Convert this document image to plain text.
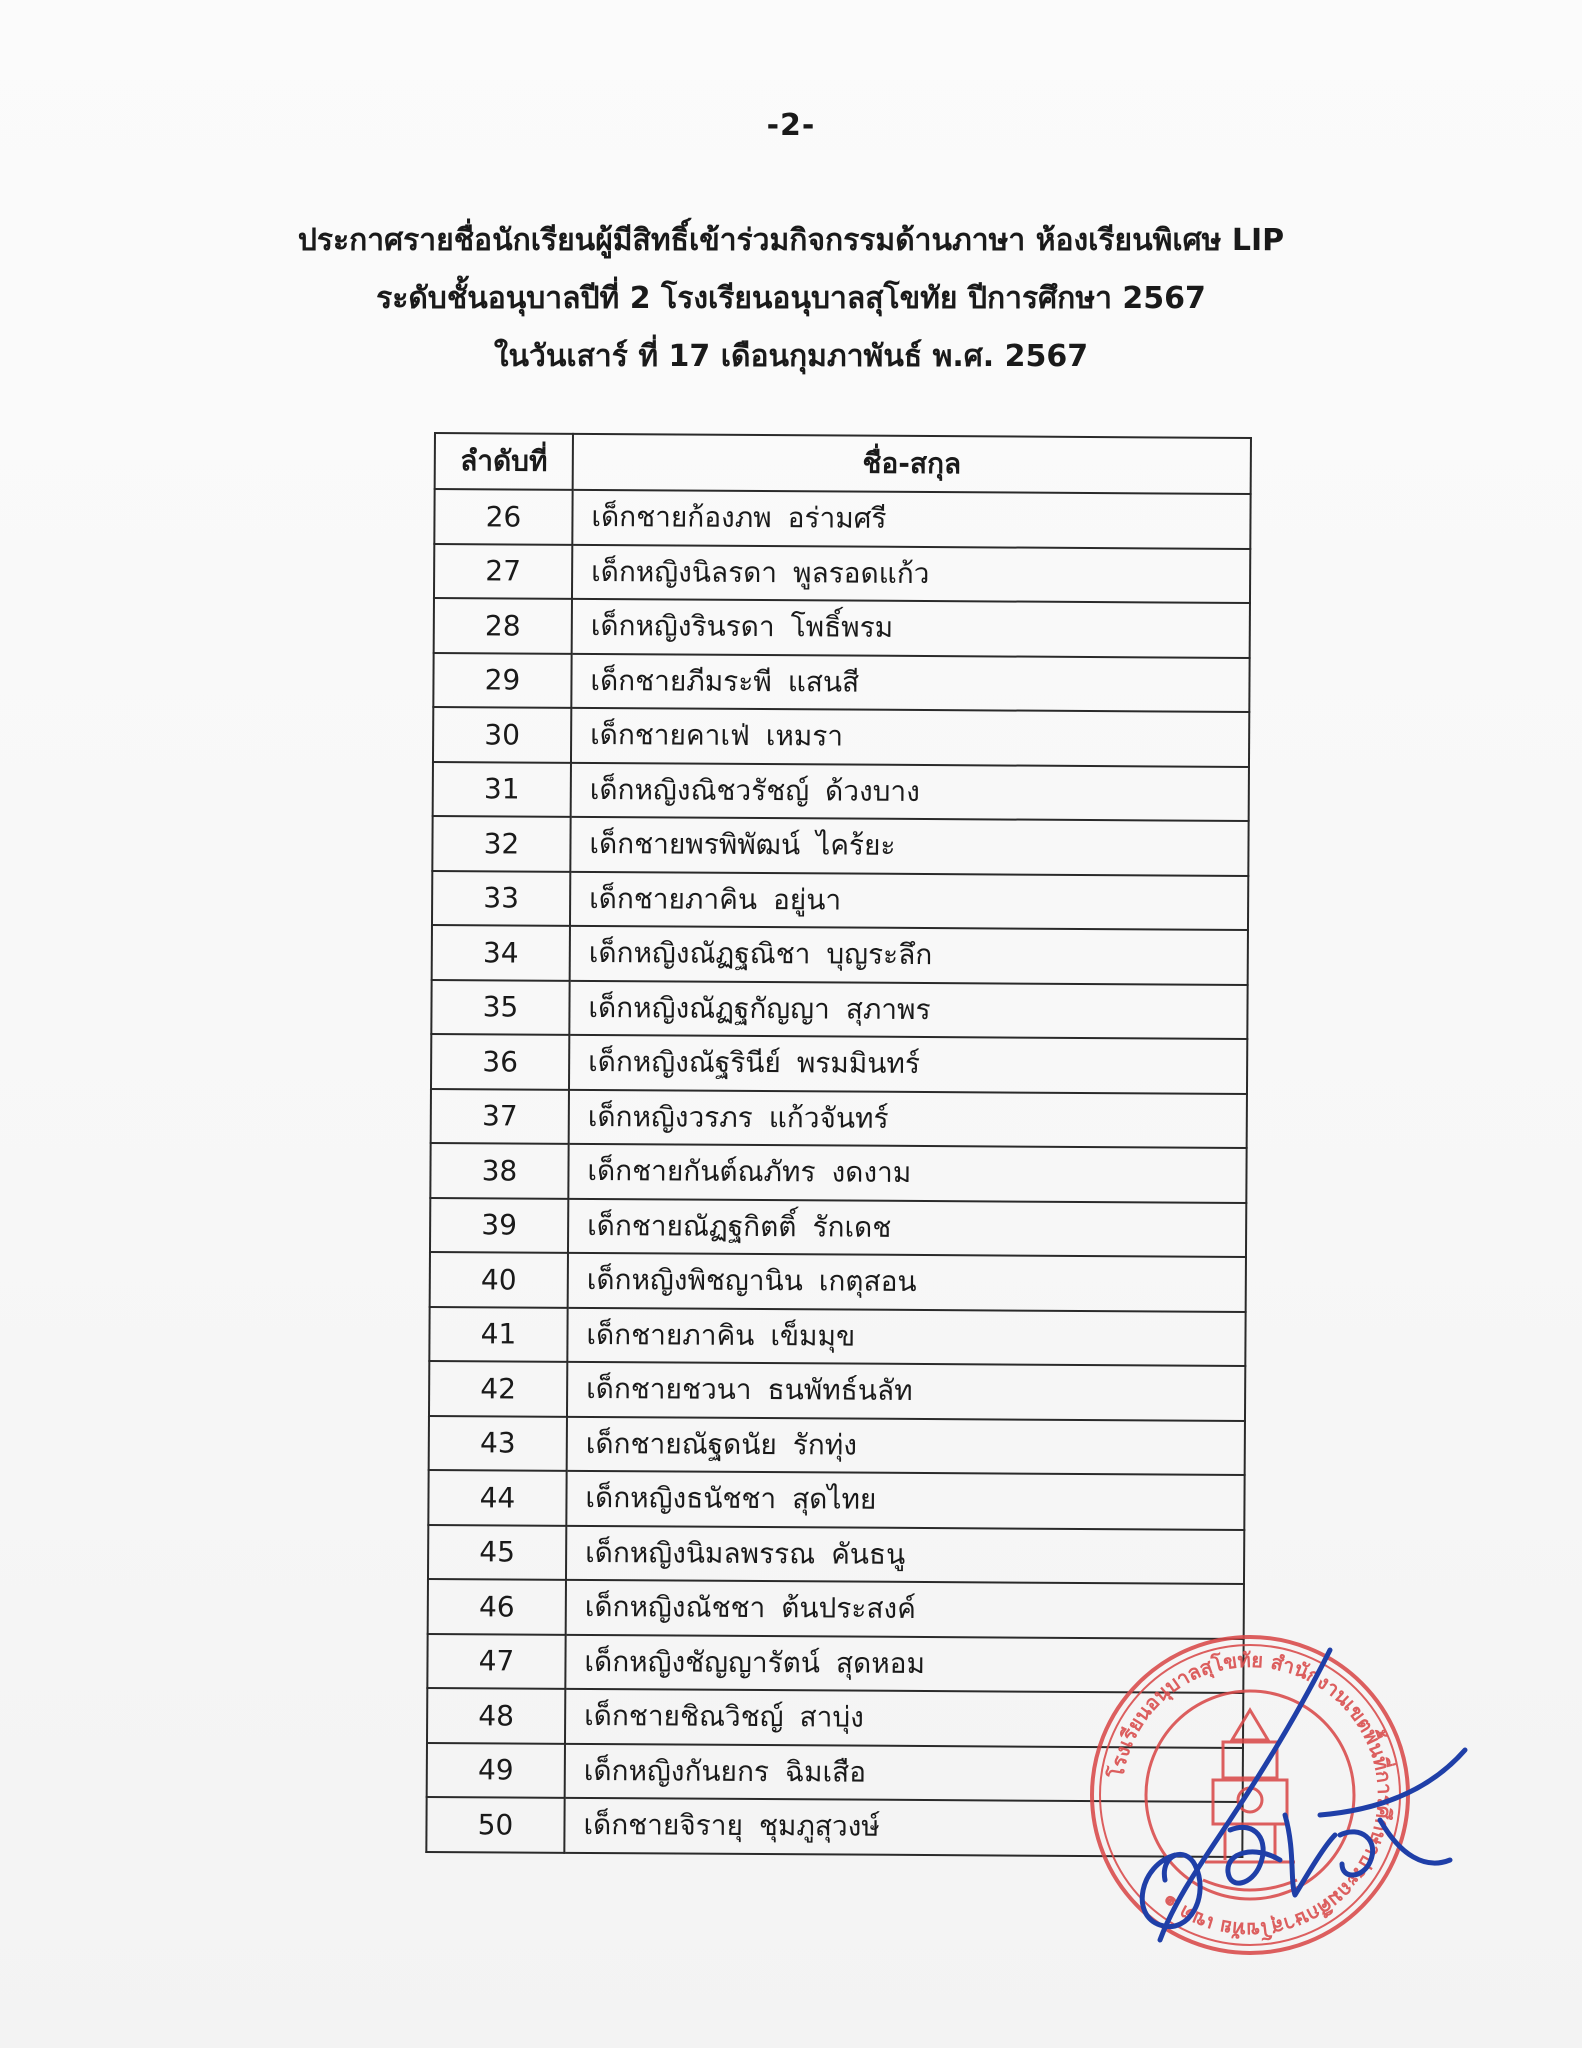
-2-
ประกาศรายชื่อนักเรียนผู้มีสิทธิ์เข้าร่วมกิจกรรมด้านภาษา ห้องเรียนพิเศษ LIP
ระดับชั้นอนุบาลปีที่ 2 โรงเรียนอนุบาลสุโขทัย ปีการศึกษา 2567
ในวันเสาร์ ที่ 17 เดือนกุมภาพันธ์ พ.ศ. 2567
ลำดับที่	ชื่อ-สกุล
26	เด็กชายก้องภพ อร่ามศรี
27	เด็กหญิงนิลรดา พูลรอดแก้ว
28	เด็กหญิงรินรดา โพธิ์พรม
29	เด็กชายภีมระพี แสนสี
30	เด็กชายคาเฟ่ เหมรา
31	เด็กหญิงณิชวรัชญ์ ด้วงบาง
32	เด็กชายพรพิพัฒน์ ไคร้ยะ
33	เด็กชายภาคิน อยู่นา
34	เด็กหญิงณัฏฐณิชา บุญระลึก
35	เด็กหญิงณัฏฐกัญญา สุภาพร
36	เด็กหญิงณัฐรินีย์ พรมมินทร์
37	เด็กหญิงวรภร แก้วจันทร์
38	เด็กชายกันต์ณภัทร งดงาม
39	เด็กชายณัฏฐกิตติ์ รักเดช
40	เด็กหญิงพิชญานิน เกตุสอน
41	เด็กชายภาคิน เข็มมุข
42	เด็กชายชวนา ธนพัทธ์นลัท
43	เด็กชายณัฐดนัย รักทุ่ง
44	เด็กหญิงธนัชชา สุดไทย
45	เด็กหญิงนิมลพรรณ คันธนู
46	เด็กหญิงณัชชา ต้นประสงค์
47	เด็กหญิงชัญญารัตน์ สุดหอม
48	เด็กชายชิณวิชญ์ สาบุ่ง
49	เด็กหญิงกันยกร ฉิมเสือ
50	เด็กชายจิรายุ ชุมภูสุวงษ์
โรงเรียนอนุบาลสุโขทัย สำนักงานเขตพื้นที่การศึกษาประถมศึกษาสุโขทัย เขต ๑
